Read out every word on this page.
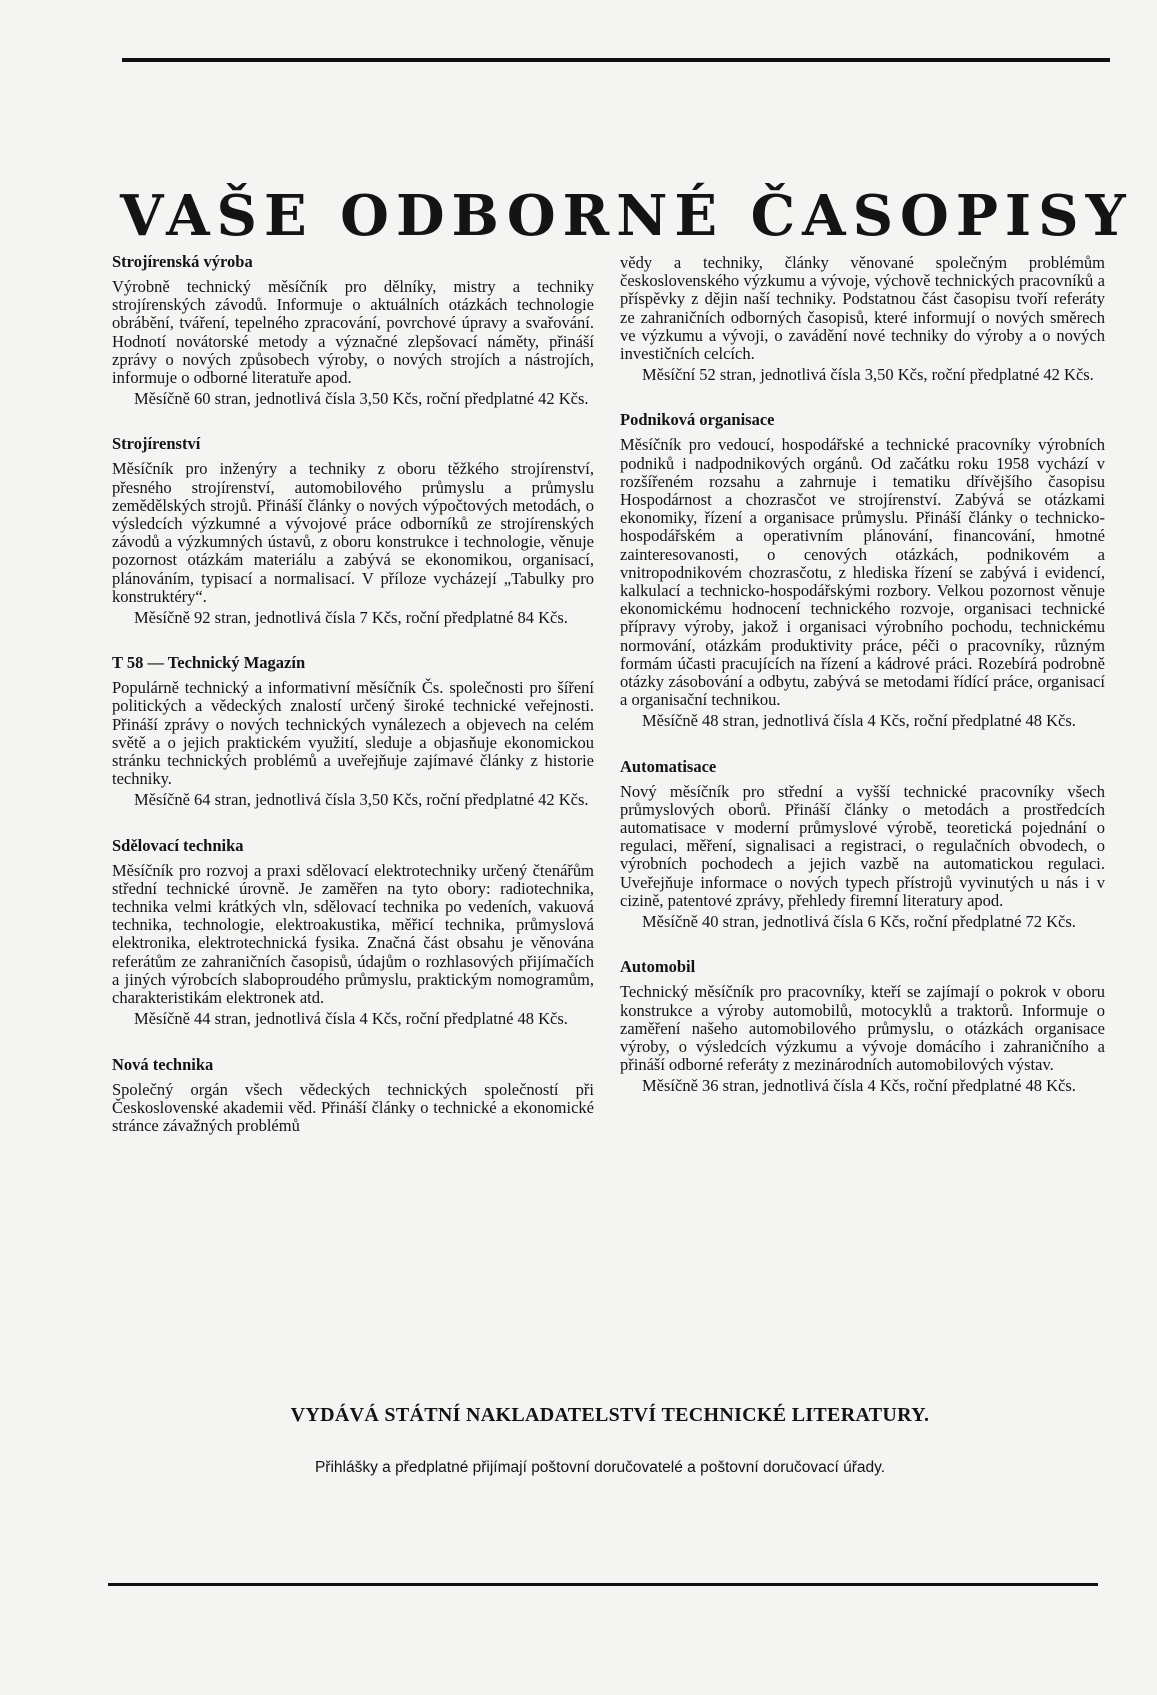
VAŠE ODBORNÉ ČASOPISY
Strojírenská výroba

Výrobně technický měsíčník pro dělníky, mistry a techniky strojírenských závodů. Informuje o aktuálních otázkách technologie obrábění, tváření, tepelného zpracování, povrchové úpravy a svařování. Hodnotí novátorské metody a význačné zlepšovací náměty, přináší zprávy o nových způsobech výroby, o nových strojích a nástrojích, informuje o odborné literatuře apod.

Měsíčně 60 stran, jednotlivá čísla 3,50 Kčs, roční předplatné 42 Kčs.

Strojírenství

Měsíčník pro inženýry a techniky z oboru těžkého strojírenství, přesného strojírenství, automobilového průmyslu a průmyslu zemědělských strojů. Přináší články o nových výpočtových metodách, o výsledcích výzkumné a vývojové práce odborníků ze strojírenských závodů a výzkumných ústavů, z oboru konstrukce i technologie, věnuje pozornost otázkám materiálu a zabývá se ekonomikou, organisací, plánováním, typisací a normalisací. V příloze vycházejí „Tabulky pro konstruktéry“.

Měsíčně 92 stran, jednotlivá čísla 7 Kčs, roční předplatné 84 Kčs.

T 58 — Technický Magazín

Populárně technický a informativní měsíčník Čs. společnosti pro šíření politických a vědeckých znalostí určený široké technické veřejnosti. Přináší zprávy o nových technických vynálezech a objevech na celém světě a o jejich praktickém využití, sleduje a objasňuje ekonomickou stránku technických problémů a uveřejňuje zajímavé články z historie techniky.

Měsíčně 64 stran, jednotlivá čísla 3,50 Kčs, roční předplatné 42 Kčs.

Sdělovací technika

Měsíčník pro rozvoj a praxi sdělovací elektrotechniky určený čtenářům střední technické úrovně. Je zaměřen na tyto obory: radiotechnika, technika velmi krátkých vln, sdělovací technika po vedeních, vakuová technika, technologie, elektroakustika, měřicí technika, průmyslová elektronika, elektrotechnická fysika. Značná část obsahu je věnována referátům ze zahraničních časopisů, údajům o rozhlasových přijímačích a jiných výrobcích slaboproudého průmyslu, praktickým nomogramům, charakteristikám elektronek atd.

Měsíčně 44 stran, jednotlivá čísla 4 Kčs, roční předplatné 48 Kčs.

Nová technika

Společný orgán všech vědeckých technických společností při Československé akademii věd. Přináší články o technické a ekonomické stránce závažných problémů

vědy a techniky, články věnované společným problémům československého výzkumu a vývoje, výchově technických pracovníků a příspěvky z dějin naší techniky. Podstatnou část časopisu tvoří referáty ze zahraničních odborných časopisů, které informují o nových směrech ve výzkumu a vývoji, o zavádění nové techniky do výroby a o nových investičních celcích.

Měsíční 52 stran, jednotlivá čísla 3,50 Kčs, roční předplatné 42 Kčs.

Podniková organisace

Měsíčník pro vedoucí, hospodářské a technické pracovníky výrobních podniků i nadpodnikových orgánů. Od začátku roku 1958 vychází v rozšířeném rozsahu a zahrnuje i tematiku dřívějšího časopisu Hospodárnost a chozrasčot ve strojírenství. Zabývá se otázkami ekonomiky, řízení a organisace průmyslu. Přináší články o technicko-hospodářském a operativním plánování, financování, hmotné zainteresovanosti, o cenových otázkách, podnikovém a vnitropodnikovém chozrasčotu, z hlediska řízení se zabývá i evidencí, kalkulací a technicko-hospodářskými rozbory. Velkou pozornost věnuje ekonomickému hodnocení technického rozvoje, organisaci technické přípravy výroby, jakož i organisaci výrobního pochodu, technickému normování, otázkám produktivity práce, péči o pracovníky, různým formám účasti pracujících na řízení a kádrové práci. Rozebírá podrobně otázky zásobování a odbytu, zabývá se metodami řídící práce, organisací a organisační technikou.

Měsíčně 48 stran, jednotlivá čísla 4 Kčs, roční předplatné 48 Kčs.

Automatisace

Nový měsíčník pro střední a vyšší technické pracovníky všech průmyslových oborů. Přináší články o metodách a prostředcích automatisace v moderní průmyslové výrobě, teoretická pojednání o regulaci, měření, signalisaci a registraci, o regulačních obvodech, o výrobních pochodech a jejich vazbě na automatickou regulaci. Uveřejňuje informace o nových typech přístrojů vyvinutých u nás i v cizině, patentové zprávy, přehledy firemní literatury apod.

Měsíčně 40 stran, jednotlivá čísla 6 Kčs, roční předplatné 72 Kčs.

Automobil

Technický měsíčník pro pracovníky, kteří se zajímají o pokrok v oboru konstrukce a výroby automobilů, motocyklů a traktorů. Informuje o zaměření našeho automobilového průmyslu, o otázkách organisace výroby, o výsledcích výzkumu a vývoje domácího i zahraničního a přináší odborné referáty z mezinárodních automobilových výstav.

Měsíčně 36 stran, jednotlivá čísla 4 Kčs, roční předplatné 48 Kčs.

VYDÁVÁ STÁTNÍ NAKLADATELSTVÍ TECHNICKÉ LITERATURY.
Přihlášky a předplatné přijímají poštovní doručovatelé a poštovní doručovací úřady.
